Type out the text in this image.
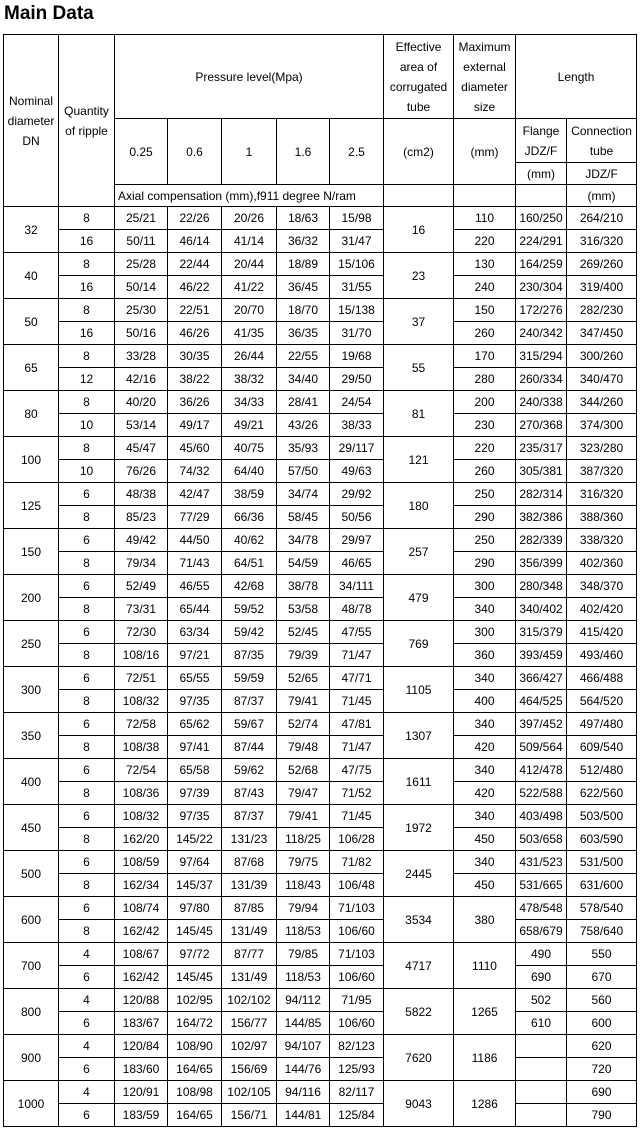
Main Data
Nominal diameter DN	Quantity of ripple	Pressure level(Mpa)					Effective area of corrugated tube	Maximum external diameter size	Length	

		0.25	0.6	1	1.6	2.5	(cm2)	(mm)	Flange JDZ/F	Connection tube

									(mm)	JDZ/F
		Axial compensation (mm),f911 degree N/ram								(mm)
32	8	25/21	22/26	20/26	18/63	15/98	16	110	160/250	264/210
	16	50/11	46/14	41/14	36/32	31/47		220	224/291	316/320
40	8	25/28	22/44	20/44	18/89	15/106	23	130	164/259	269/260
	16	50/14	46/22	41/22	36/45	31/55		240	230/304	319/400
50	8	25/30	22/51	20/70	18/70	15/138	37	150	172/276	282/230
	16	50/16	46/26	41/35	36/35	31/70		260	240/342	347/450
65	8	33/28	30/35	26/44	22/55	19/68	55	170	315/294	300/260
	12	42/16	38/22	38/32	34/40	29/50		280	260/334	340/470
80	8	40/20	36/26	34/33	28/41	24/54	81	200	240/338	344/260
	10	53/14	49/17	49/21	43/26	38/33		230	270/368	374/300
100	8	45/47	45/60	40/75	35/93	29/117	121	220	235/317	323/280
	10	76/26	74/32	64/40	57/50	49/63		260	305/381	387/320
125	6	48/38	42/47	38/59	34/74	29/92	180	250	282/314	316/320
	8	85/23	77/29	66/36	58/45	50/56		290	382/386	388/360
150	6	49/42	44/50	40/62	34/78	29/97	257	250	282/339	338/320
	8	79/34	71/43	64/51	54/59	46/65		290	356/399	402/360
200	6	52/49	46/55	42/68	38/78	34/111	479	300	280/348	348/370
	8	73/31	65/44	59/52	53/58	48/78		340	340/402	402/420
250	6	72/30	63/34	59/42	52/45	47/55	769	300	315/379	415/420
	8	108/16	97/21	87/35	79/39	71/47		360	393/459	493/460
300	6	72/51	65/55	59/59	52/65	47/71	1105	340	366/427	466/488
	8	108/32	97/35	87/37	79/41	71/45		400	464/525	564/520
350	6	72/58	65/62	59/67	52/74	47/81	1307	340	397/452	497/480
	8	108/38	97/41	87/44	79/48	71/47		420	509/564	609/540
400	6	72/54	65/58	59/62	52/68	47/75	1611	340	412/478	512/480
	8	108/36	97/39	87/43	79/47	71/52		420	522/588	622/560
450	6	108/32	97/35	87/37	79/41	71/45	1972	340	403/498	503/500
	8	162/20	145/22	131/23	118/25	106/28		450	503/658	603/590
500	6	108/59	97/64	87/68	79/75	71/82	2445	340	431/523	531/500
	8	162/34	145/37	131/39	118/43	106/48		450	531/665	631/600
600	6	108/74	97/80	87/85	79/94	71/103	3534	380	478/548	578/540
	8	162/42	145/45	131/49	118/53	106/60			658/679	758/640
700	4	108/67	97/72	87/77	79/85	71/103	4717	1110	490	550
	6	162/42	145/45	131/49	118/53	106/60			690	670
800	4	120/88	102/95	102/102	94/112	71/95	5822	1265	502	560
	6	183/67	164/72	156/77	144/85	106/60			610	600
900	4	120/84	108/90	102/97	94/107	82/123	7620	1186		620
	6	183/60	164/65	156/69	144/76	125/93				720
1000	4	120/91	108/98	102/105	94/116	82/117	9043	1286		690
	6	183/59	164/65	156/71	144/81	125/84				790
